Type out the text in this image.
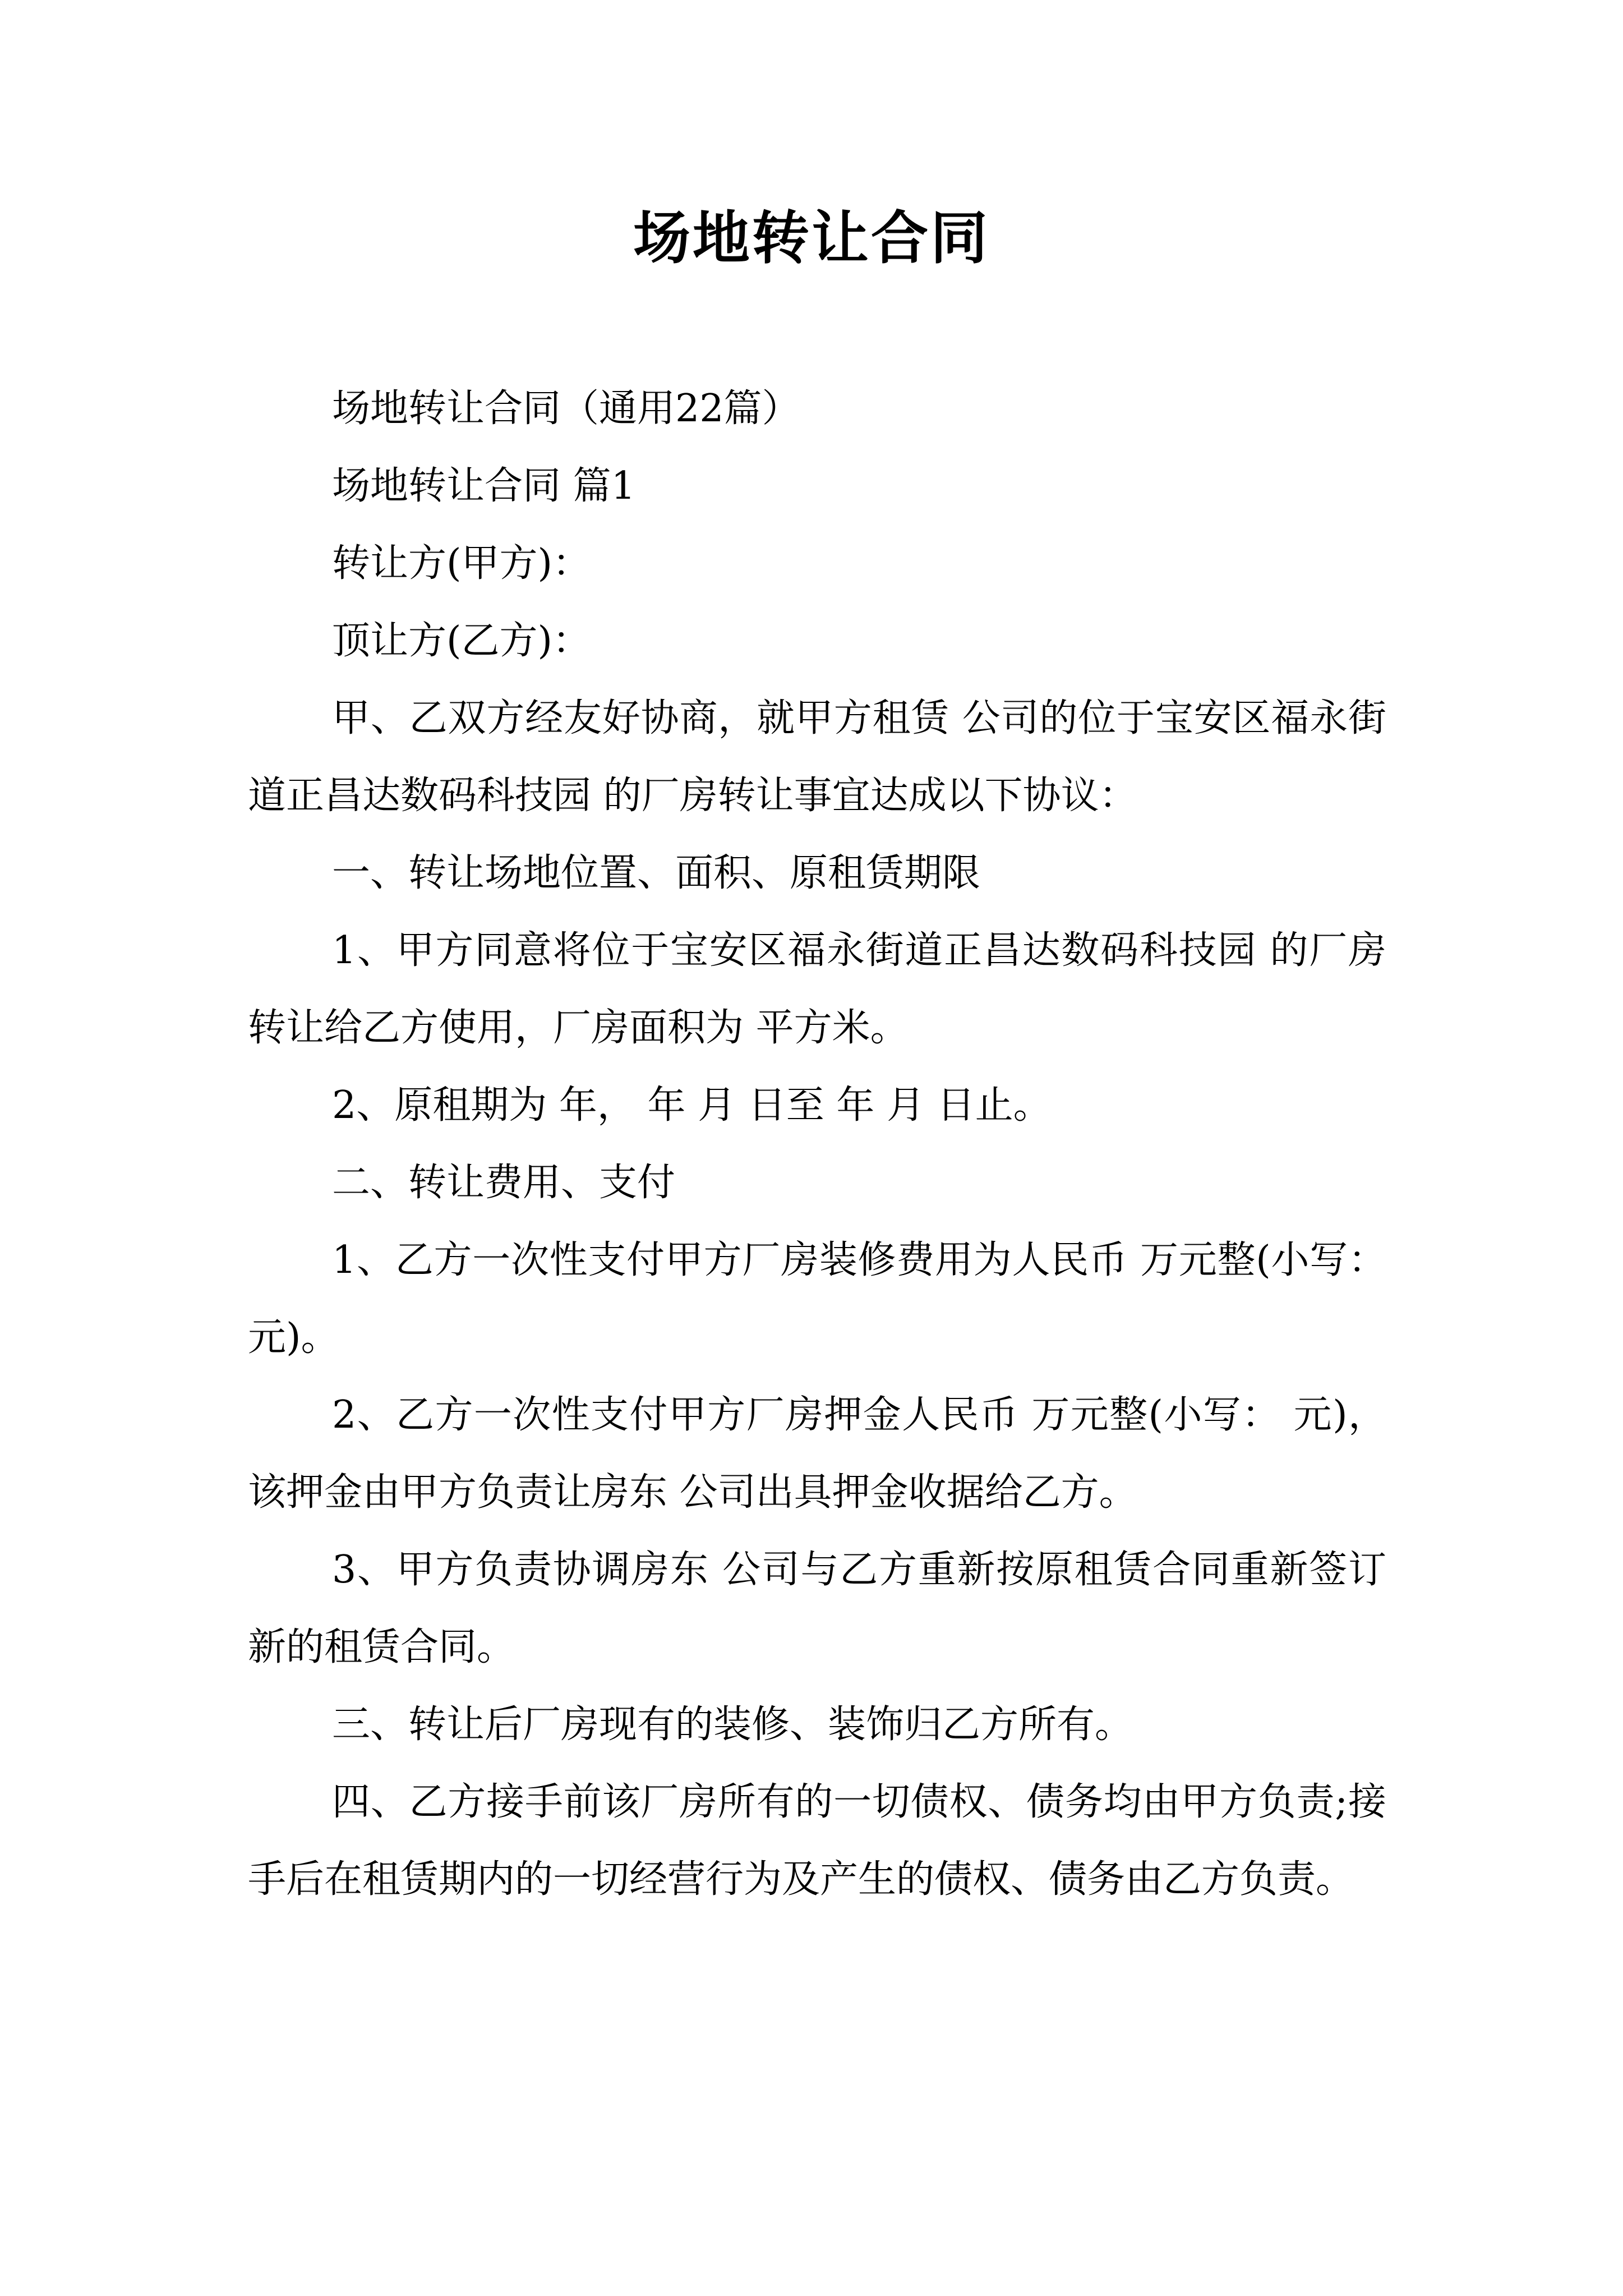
场地转让合同

场地转让合同（通用22篇）

场地转让合同 篇1

转让方(甲方)：

顶让方(乙方)：

甲、乙双方经友好协商，就甲方租赁 公司的位于宝安区福永街道正昌达数码科技园 的厂房转让事宜达成以下协议：

一、转让场地位置、面积、原租赁期限

1、甲方同意将位于宝安区福永街道正昌达数码科技园 的厂房转让给乙方使用，厂房面积为 平方米。

2、原租期为 年， 年 月 日至 年 月 日止。

二、转让费用、支付

1、乙方一次性支付甲方厂房装修费用为人民币 万元整(小写： 元)。

2、乙方一次性支付甲方厂房押金人民币 万元整(小写： 元)，该押金由甲方负责让房东 公司出具押金收据给乙方。

3、甲方负责协调房东 公司与乙方重新按原租赁合同重新签订新的租赁合同。

三、转让后厂房现有的装修、装饰归乙方所有。

四、乙方接手前该厂房所有的一切债权、债务均由甲方负责;接手后在租赁期内的一切经营行为及产生的债权、债务由乙方负责。
